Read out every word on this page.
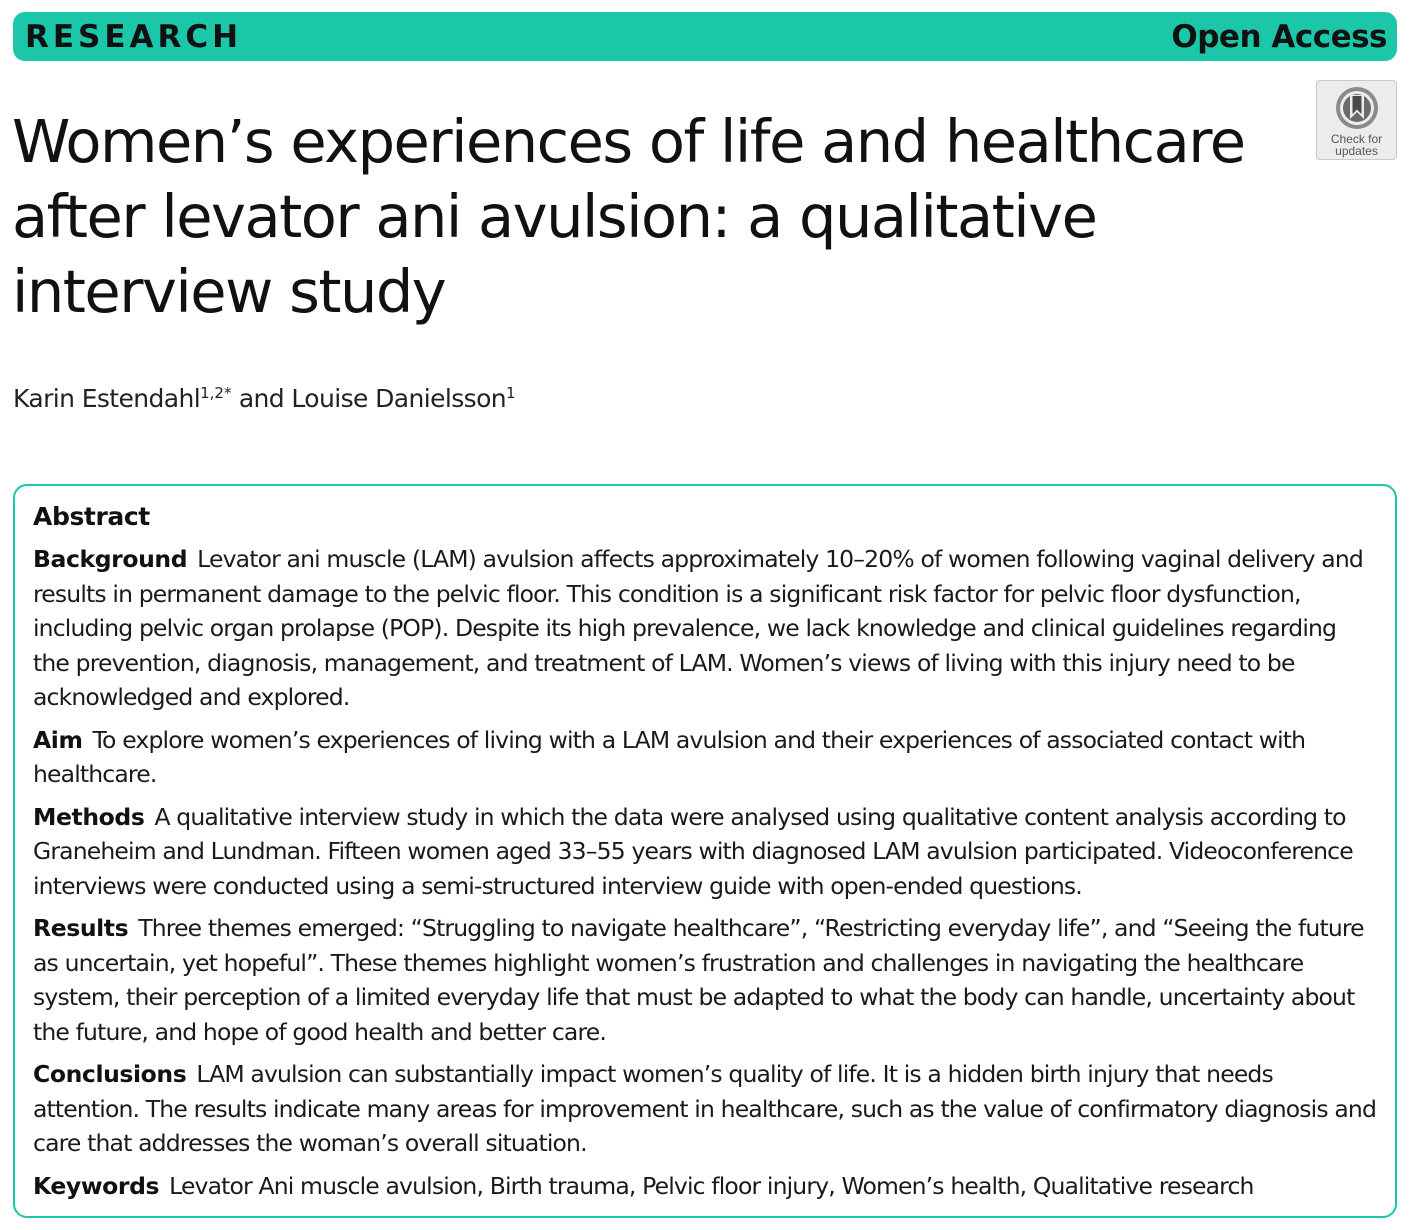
RESEARCH	Open Access
Check for updates
Women’s experiences of life and healthcare after levator ani avulsion: a qualitative interview study
Karin Estendahl$^{1,2*}$ and Louise Danielsson$^1$
Abstract

Background Levator ani muscle (LAM) avulsion affects approximately 10–20% of women following vaginal delivery and results in permanent damage to the pelvic floor. This condition is a significant risk factor for pelvic floor dysfunction, including pelvic organ prolapse (POP). Despite its high prevalence, we lack knowledge and clinical guidelines regarding the prevention, diagnosis, management, and treatment of LAM. Women’s views of living with this injury need to be acknowledged and explored.

Aim To explore women’s experiences of living with a LAM avulsion and their experiences of associated contact with healthcare.

Methods A qualitative interview study in which the data were analysed using qualitative content analysis according to Graneheim and Lundman. Fifteen women aged 33–55 years with diagnosed LAM avulsion participated. Videoconference interviews were conducted using a semi-structured interview guide with open-ended questions.

Results Three themes emerged: “Struggling to navigate healthcare”, “Restricting everyday life”, and “Seeing the future as uncertain, yet hopeful”. These themes highlight women’s frustration and challenges in navigating the healthcare system, their perception of a limited everyday life that must be adapted to what the body can handle, uncertainty about the future, and hope of good health and better care.

Conclusions LAM avulsion can substantially impact women’s quality of life. It is a hidden birth injury that needs attention. The results indicate many areas for improvement in healthcare, such as the value of confirmatory diagnosis and care that addresses the woman’s overall situation.

Keywords Levator Ani muscle avulsion, Birth trauma, Pelvic floor injury, Women’s health, Qualitative research
